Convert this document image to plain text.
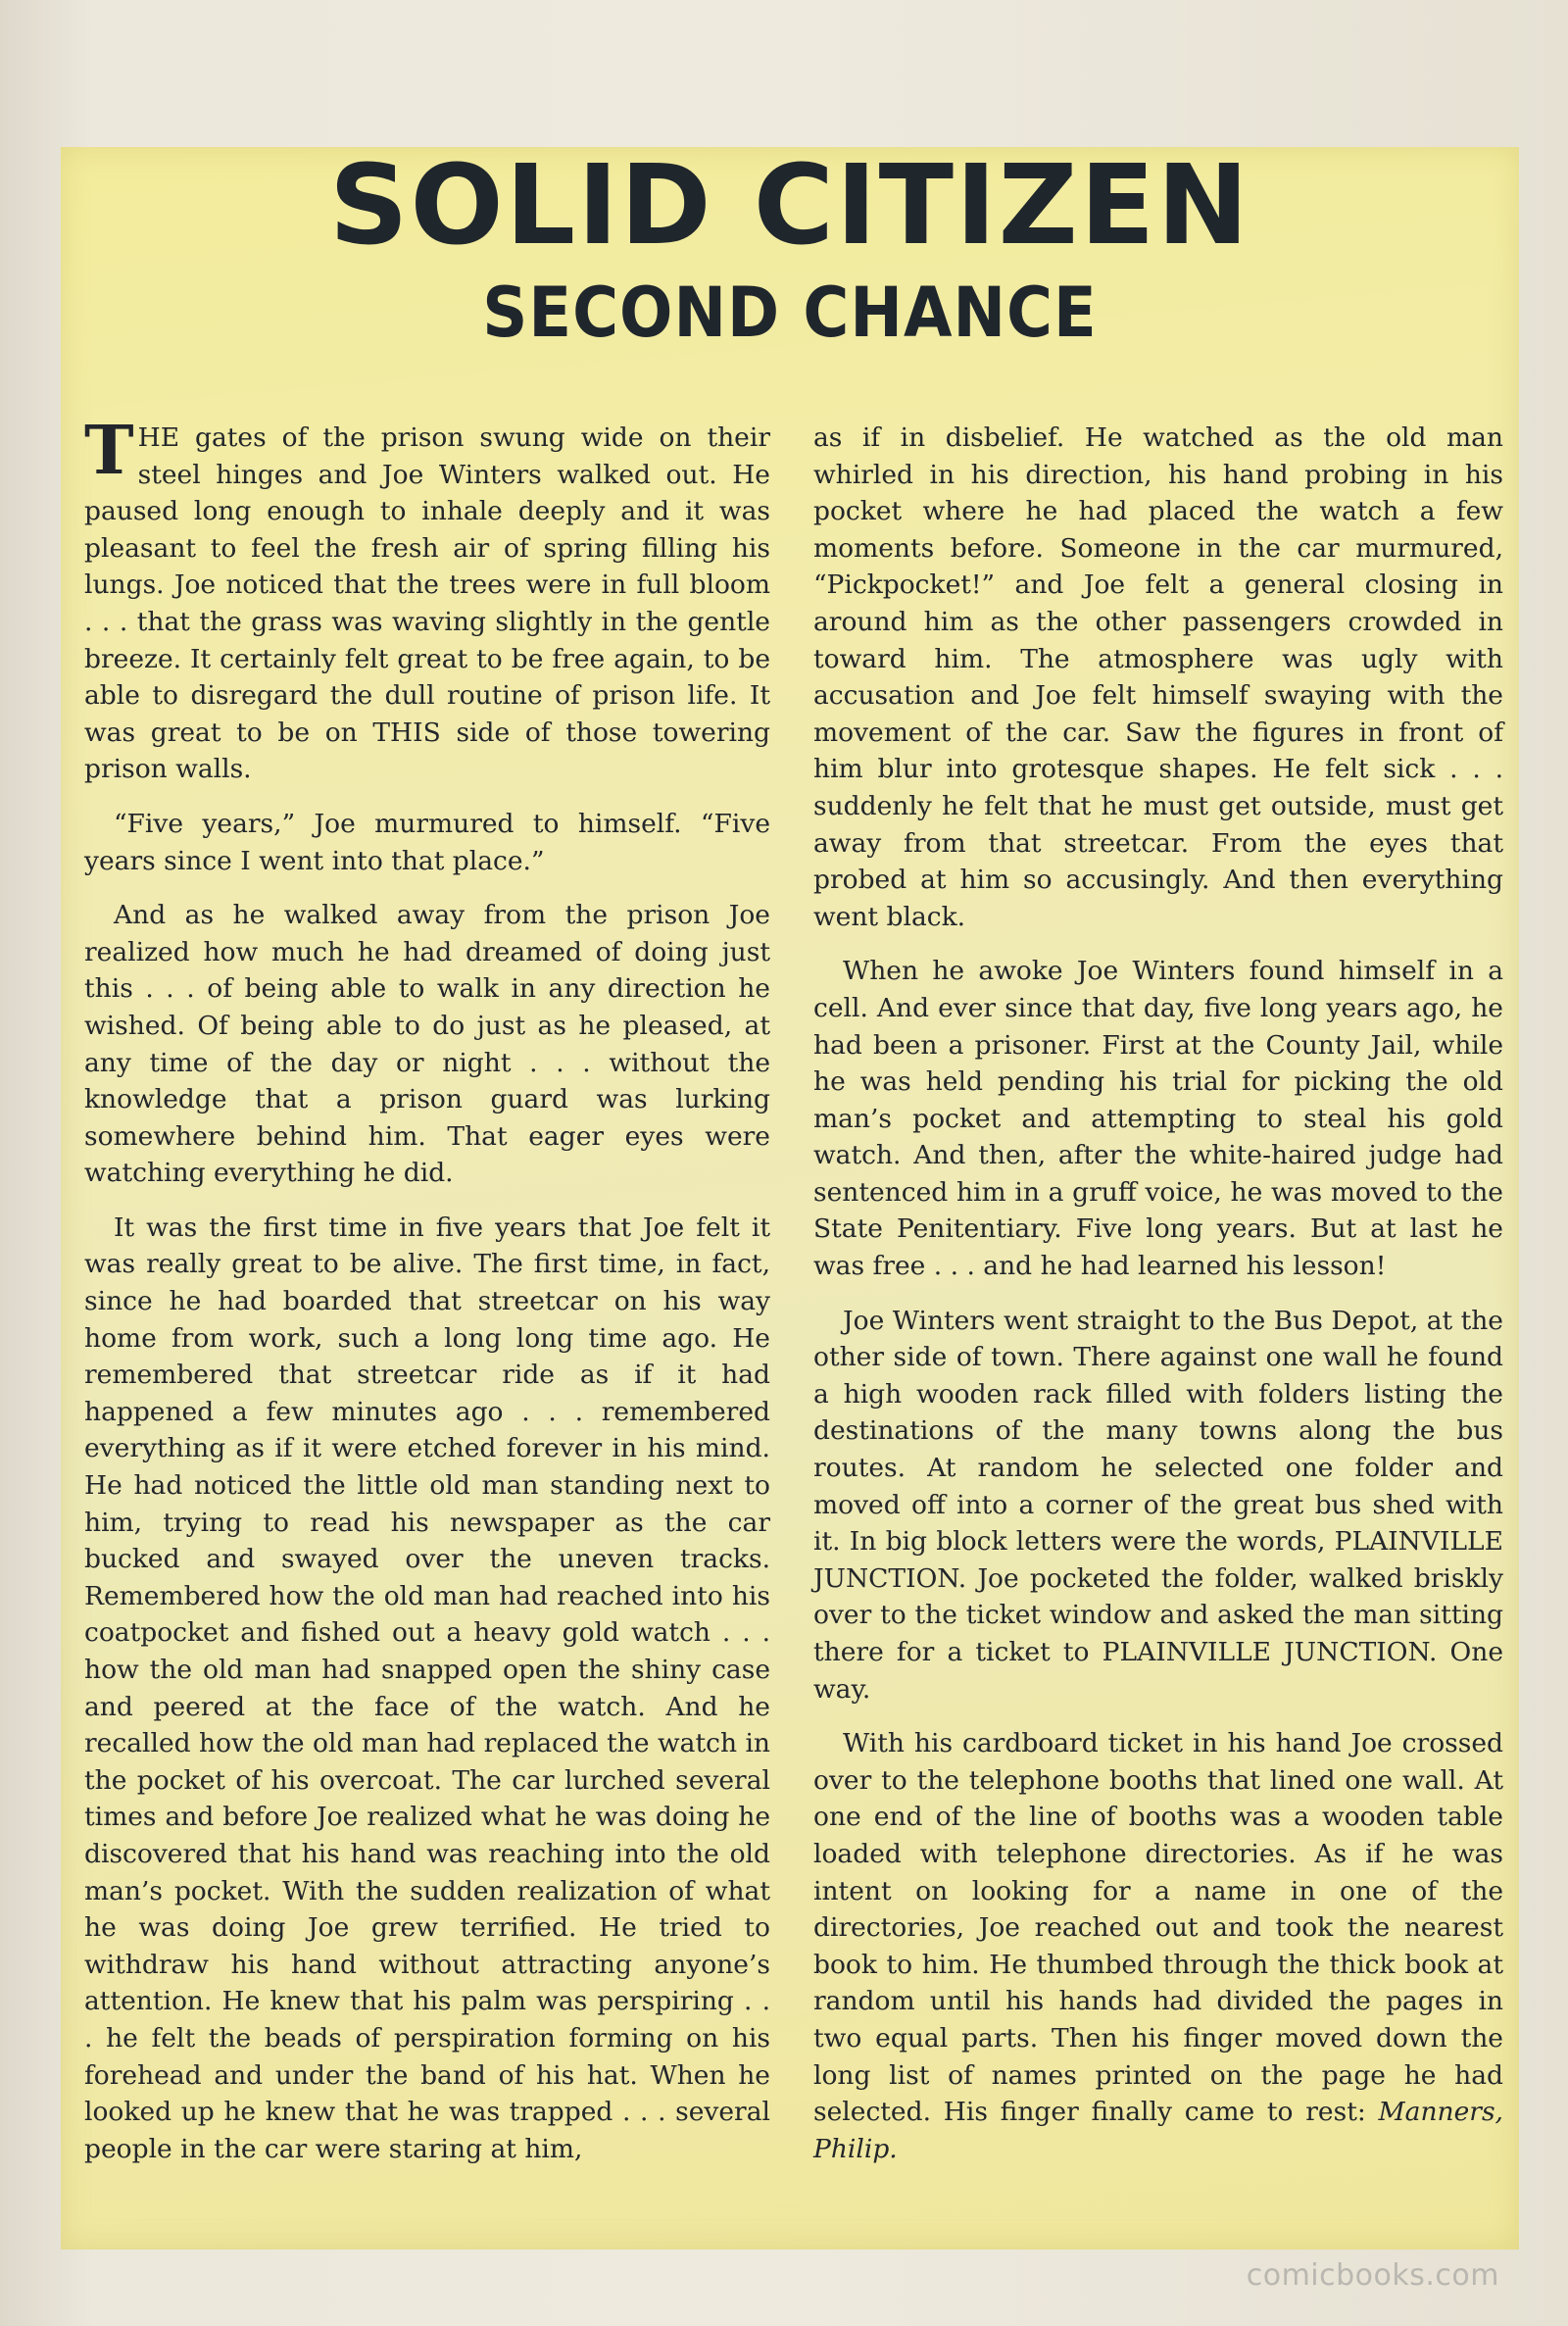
SOLID CITIZEN
SECOND CHANCE

THE gates of the prison swung wide on their steel hinges and Joe Winters walked out. He paused long enough to inhale deeply and it was pleasant to feel the fresh air of spring filling his lungs. Joe noticed that the trees were in full bloom . . . that the grass was waving slightly in the gentle breeze. It certainly felt great to be free again, to be able to disregard the dull routine of prison life. It was great to be on THIS side of those towering prison walls.

“Five years,” Joe murmured to himself. “Five years since I went into that place.”

And as he walked away from the prison Joe realized how much he had dreamed of doing just this . . . of being able to walk in any direction he wished. Of being able to do just as he pleased, at any time of the day or night . . . without the knowledge that a prison guard was lurking somewhere behind him. That eager eyes were watching everything he did.

It was the first time in five years that Joe felt it was really great to be alive. The first time, in fact, since he had boarded that streetcar on his way home from work, such a long long time ago. He remembered that streetcar ride as if it had happened a few minutes ago . . . remembered everything as if it were etched forever in his mind. He had noticed the little old man standing next to him, trying to read his newspaper as the car bucked and swayed over the uneven tracks. Remembered how the old man had reached into his coatpocket and fished out a heavy gold watch . . . how the old man had snapped open the shiny case and peered at the face of the watch. And he recalled how the old man had replaced the watch in the pocket of his overcoat. The car lurched several times and before Joe realized what he was doing he discovered that his hand was reaching into the old man’s pocket. With the sudden realization of what he was doing Joe grew terrified. He tried to withdraw his hand without attracting anyone’s attention. He knew that his palm was perspiring . . . he felt the beads of perspiration forming on his forehead and under the band of his hat. When he looked up he knew that he was trapped . . . several people in the car were staring at him,

as if in disbelief. He watched as the old man whirled in his direction, his hand probing in his pocket where he had placed the watch a few moments before. Someone in the car murmured, “Pickpocket!” and Joe felt a general closing in around him as the other passengers crowded in toward him. The atmosphere was ugly with accusation and Joe felt himself swaying with the movement of the car. Saw the figures in front of him blur into grotesque shapes. He felt sick . . . suddenly he felt that he must get outside, must get away from that streetcar. From the eyes that probed at him so accusingly. And then everything went black.

When he awoke Joe Winters found himself in a cell. And ever since that day, five long years ago, he had been a prisoner. First at the County Jail, while he was held pending his trial for picking the old man’s pocket and attempting to steal his gold watch. And then, after the white-haired judge had sentenced him in a gruff voice, he was moved to the State Penitentiary. Five long years. But at last he was free . . . and he had learned his lesson!

Joe Winters went straight to the Bus Depot, at the other side of town. There against one wall he found a high wooden rack filled with folders listing the destinations of the many towns along the bus routes. At random he selected one folder and moved off into a corner of the great bus shed with it. In big block letters were the words, PLAINVILLE JUNCTION. Joe pocketed the folder, walked briskly over to the ticket window and asked the man sitting there for a ticket to PLAINVILLE JUNCTION. One way.

With his cardboard ticket in his hand Joe crossed over to the telephone booths that lined one wall. At one end of the line of booths was a wooden table loaded with telephone directories. As if he was intent on looking for a name in one of the directories, Joe reached out and took the nearest book to him. He thumbed through the thick book at random until his hands had divided the pages in two equal parts. Then his finger moved down the long list of names printed on the page he had selected. His finger finally came to rest: Manners, Philip.

comicbooks.com
